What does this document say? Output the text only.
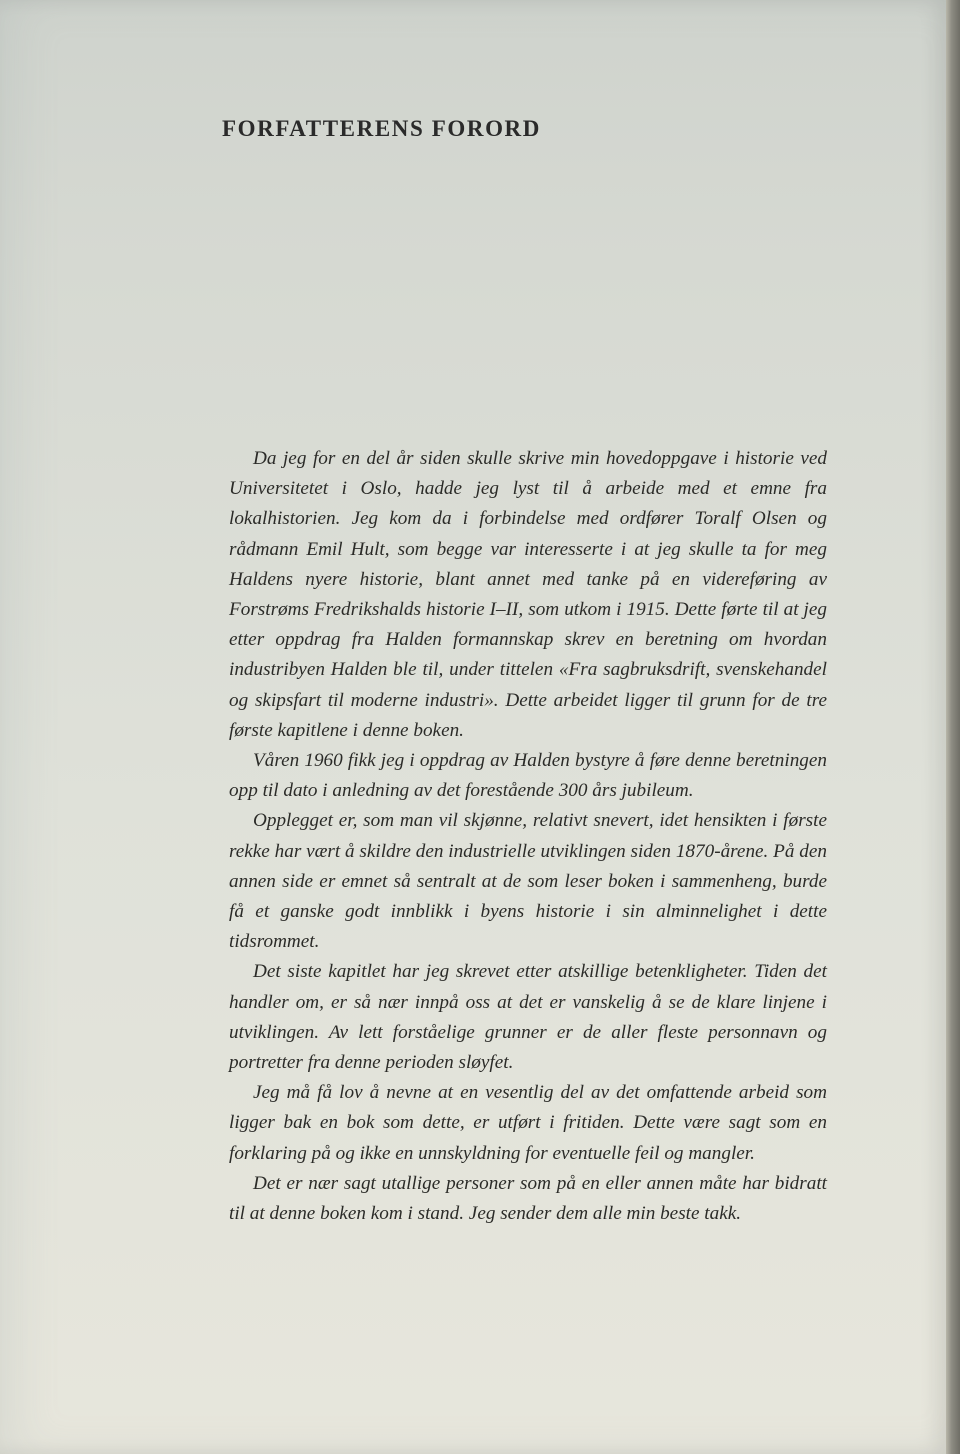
FORFATTERENS FORORD

Da jeg for en del år siden skulle skrive min hovedoppgave i historie ved Universitetet i Oslo, hadde jeg lyst til å arbeide med et emne fra lokalhistorien. Jeg kom da i forbindelse med ordfører Toralf Olsen og rådmann Emil Hult, som begge var interesserte i at jeg skulle ta for meg Haldens nyere historie, blant annet med tanke på en videreføring av Forstrøms Fredrikshalds historie I–II, som utkom i 1915. Dette førte til at jeg etter oppdrag fra Halden formannskap skrev en beretning om hvordan industribyen Halden ble til, under tittelen «Fra sagbruksdrift, svenskehandel og skipsfart til moderne industri». Dette arbeidet ligger til grunn for de tre første kapitlene i denne boken.

Våren 1960 fikk jeg i oppdrag av Halden bystyre å føre denne beretningen opp til dato i anledning av det forestående 300 års jubileum.

Opplegget er, som man vil skjønne, relativt snevert, idet hensikten i første rekke har vært å skildre den industrielle utviklingen siden 1870-årene. På den annen side er emnet så sentralt at de som leser boken i sammenheng, burde få et ganske godt innblikk i byens historie i sin alminnelighet i dette tidsrommet.

Det siste kapitlet har jeg skrevet etter atskillige betenkligheter. Tiden det handler om, er så nær innpå oss at det er vanskelig å se de klare linjene i utviklingen. Av lett forståelige grunner er de aller fleste personnavn og portretter fra denne perioden sløyfet.

Jeg må få lov å nevne at en vesentlig del av det omfattende arbeid som ligger bak en bok som dette, er utført i fritiden. Dette være sagt som en forklaring på og ikke en unnskyldning for eventuelle feil og mangler.

Det er nær sagt utallige personer som på en eller annen måte har bidratt til at denne boken kom i stand. Jeg sender dem alle min beste takk.
